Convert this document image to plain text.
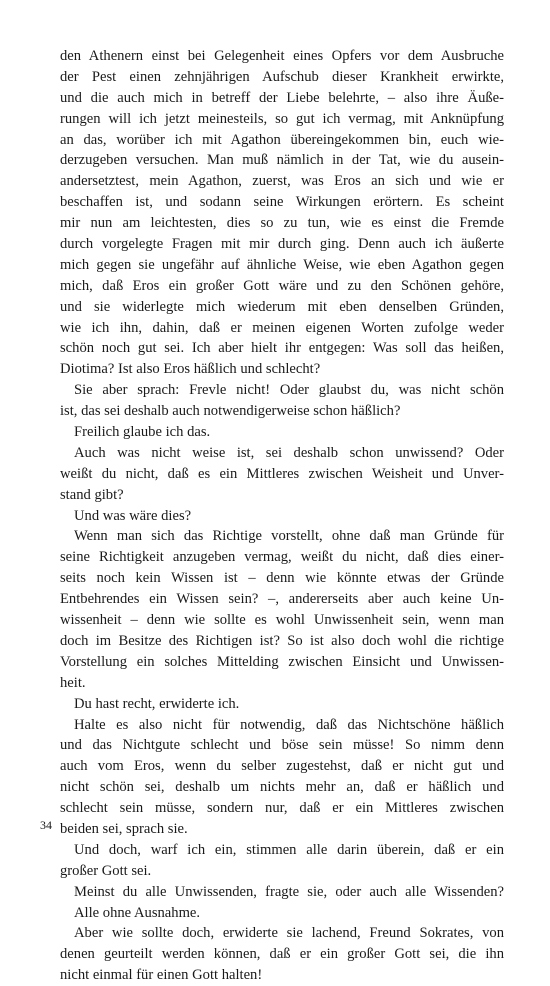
den Athenern einst bei Gelegenheit eines Opfers vor dem Ausbruche
der Pest einen zehnjährigen Aufschub dieser Krankheit erwirkte,
und die auch mich in betreff der Liebe belehrte, – also ihre Äuße-
rungen will ich jetzt meinesteils, so gut ich vermag, mit Anknüpfung
an das, worüber ich mit Agathon übereingekommen bin, euch wie-
derzugeben versuchen. Man muß nämlich in der Tat, wie du ausein-
andersetztest, mein Agathon, zuerst, was Eros an sich und wie er
beschaffen ist, und sodann seine Wirkungen erörtern. Es scheint
mir nun am leichtesten, dies so zu tun, wie es einst die Fremde
durch vorgelegte Fragen mit mir durch ging. Denn auch ich äußerte
mich gegen sie ungefähr auf ähnliche Weise, wie eben Agathon gegen
mich, daß Eros ein großer Gott wäre und zu den Schönen gehöre,
und sie widerlegte mich wiederum mit eben denselben Gründen,
wie ich ihn, dahin, daß er meinen eigenen Worten zufolge weder
schön noch gut sei. Ich aber hielt ihr entgegen: Was soll das heißen,
Diotima? Ist also Eros häßlich und schlecht?
Sie aber sprach: Frevle nicht! Oder glaubst du, was nicht schön
ist, das sei deshalb auch notwendigerweise schon häßlich?
Freilich glaube ich das.
Auch was nicht weise ist, sei deshalb schon unwissend? Oder
weißt du nicht, daß es ein Mittleres zwischen Weisheit und Unver-
stand gibt?
Und was wäre dies?
Wenn man sich das Richtige vorstellt, ohne daß man Gründe für
seine Richtigkeit anzugeben vermag, weißt du nicht, daß dies einer-
seits noch kein Wissen ist – denn wie könnte etwas der Gründe
Entbehrendes ein Wissen sein? –, andererseits aber auch keine Un-
wissenheit – denn wie sollte es wohl Unwissenheit sein, wenn man
doch im Besitze des Richtigen ist? So ist also doch wohl die richtige
Vorstellung ein solches Mittelding zwischen Einsicht und Unwissen-
heit.
Du hast recht, erwiderte ich.
Halte es also nicht für notwendig, daß das Nichtschöne häßlich
und das Nichtgute schlecht und böse sein müsse! So nimm denn
auch vom Eros, wenn du selber zugestehst, daß er nicht gut und
nicht schön sei, deshalb um nichts mehr an, daß er häßlich und
schlecht sein müsse, sondern nur, daß er ein Mittleres zwischen
beiden sei, sprach sie.
Und doch, warf ich ein, stimmen alle darin überein, daß er ein
großer Gott sei.
Meinst du alle Unwissenden, fragte sie, oder auch alle Wissenden?
Alle ohne Ausnahme.
Aber wie sollte doch, erwiderte sie lachend, Freund Sokrates, von
denen geurteilt werden können, daß er ein großer Gott sei, die ihn
nicht einmal für einen Gott halten!
34
